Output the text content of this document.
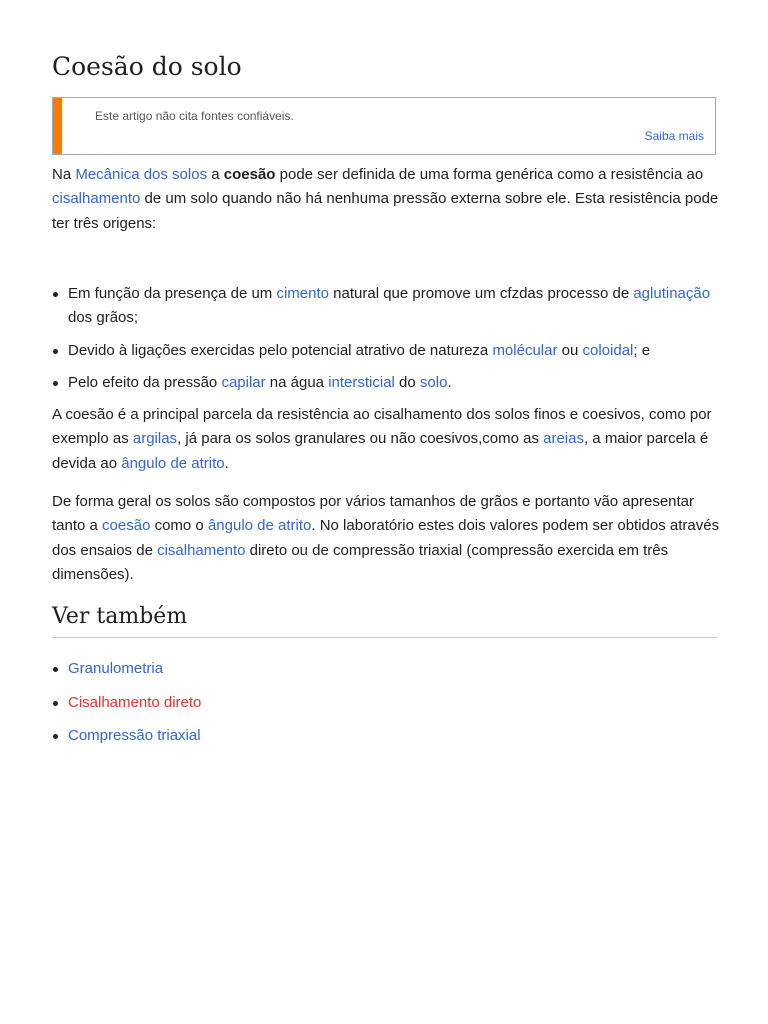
Coesão do solo
Este artigo não cita fontes confiáveis.
Saiba mais

Na Mecânica dos solos a coesão pode ser definida de uma forma genérica como a resistência ao cisalhamento de um solo quando não há nenhuma pressão externa sobre ele. Esta resistência pode ter três origens:

Em função da presença de um cimento natural que promove um cfzdas processo de aglutinação dos grãos;
Devido à ligações exercidas pelo potencial atrativo de natureza molécular ou coloidal; e
Pelo efeito da pressão capilar na água intersticial do solo.

A coesão é a principal parcela da resistência ao cisalhamento dos solos finos e coesivos, como por exemplo as argilas, já para os solos granulares ou não coesivos,como as areias, a maior parcela é devida ao ângulo de atrito.

De forma geral os solos são compostos por vários tamanhos de grãos e portanto vão apresentar tanto a coesão como o ângulo de atrito. No laboratório estes dois valores podem ser obtidos através dos ensaios de cisalhamento direto ou de compressão triaxial (compressão exercida em três dimensões).

Ver também
Granulometria
Cisalhamento direto
Compressão triaxial
